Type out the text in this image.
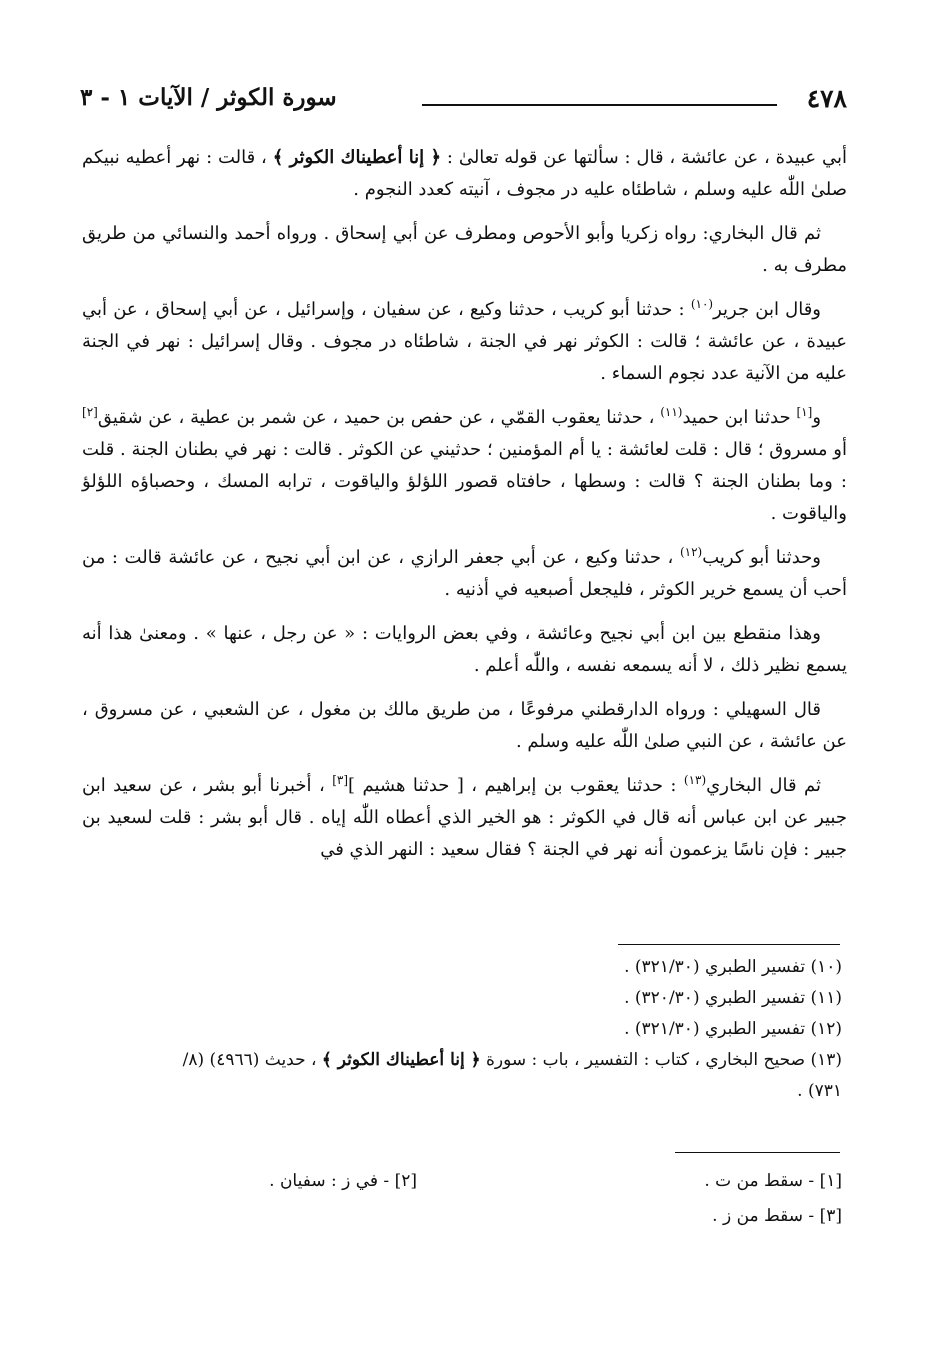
٤٧٨
سورة الكوثر / الآيات ١ - ٣

أبي عبيدة ، عن عائشة ، قال : سألتها عن قوله تعالىٰ : ﴿ إنا أعطيناك الكوثر ﴾ ، قالت : نهر أعطيه نبيكم صلىٰ اللّٰه عليه وسلم ، شاطئاه عليه در مجوف ، آنيته كعدد النجوم .

ثم قال البخاري: رواه زكريا وأبو الأحوص ومطرف عن أبي إسحاق . ورواه أحمد والنسائي من طريق مطرف به .

وقال ابن جرير$^{(١٠)}$ : حدثنا أبو كريب ، حدثنا وكيع ، عن سفيان ، وإسرائيل ، عن أبي إسحاق ، عن أبي عبيدة ، عن عائشة ؛ قالت : الكوثر نهر في الجنة ، شاطئاه در مجوف . وقال إسرائيل : نهر في الجنة عليه من الآنية عدد نجوم السماء .

و[١] حدثنا ابن حميد$^{(١١)}$ ، حدثنا يعقوب القمّي ، عن حفص بن حميد ، عن شمر بن عطية ، عن شقيق[٢] أو مسروق ؛ قال : قلت لعائشة : يا أم المؤمنين ؛ حدثيني عن الكوثر . قالت : نهر في بطنان الجنة . قلت : وما بطنان الجنة ؟ قالت : وسطها ، حافتاه قصور اللؤلؤ والياقوت ، ترابه المسك ، وحصباؤه اللؤلؤ والياقوت .

وحدثنا أبو كريب$^{(١٢)}$ ، حدثنا وكيع ، عن أبي جعفر الرازي ، عن ابن أبي نجيح ، عن عائشة قالت : من أحب أن يسمع خرير الكوثر ، فليجعل أصبعيه في أذنيه .

وهذا منقطع بين ابن أبي نجيح وعائشة ، وفي بعض الروايات : « عن رجل ، عنها » . ومعنىٰ هذا أنه يسمع نظير ذلك ، لا أنه يسمعه نفسه ، واللّٰه أعلم .

قال السهيلي : ورواه الدارقطني مرفوعًا ، من طريق مالك بن مغول ، عن الشعبي ، عن مسروق ، عن عائشة ، عن النبي صلىٰ اللّٰه عليه وسلم .

ثم قال البخاري$^{(١٣)}$ : حدثنا يعقوب بن إبراهيم ، [ حدثنا هشيم ][٣] ، أخبرنا أبو بشر ، عن سعيد ابن جبير عن ابن عباس أنه قال في الكوثر : هو الخير الذي أعطاه اللّٰه إياه . قال أبو بشر : قلت لسعيد بن جبير : فإن ناسًا يزعمون أنه نهر في الجنة ؟ فقال سعيد : النهر الذي في

(١٠) تفسير الطبري (٣٢١/٣٠) .

(١١) تفسير الطبري (٣٢٠/٣٠) .

(١٢) تفسير الطبري (٣٢١/٣٠) .

(١٣) صحيح البخاري ، كتاب : التفسير ، باب : سورة ﴿ إنا أعطيناك الكوثر ﴾ ، حديث (٤٩٦٦) (٨/
٧٣١) .

[١] - سقط من ت .
[٢] - في ز : سفيان .
[٣] - سقط من ز .
